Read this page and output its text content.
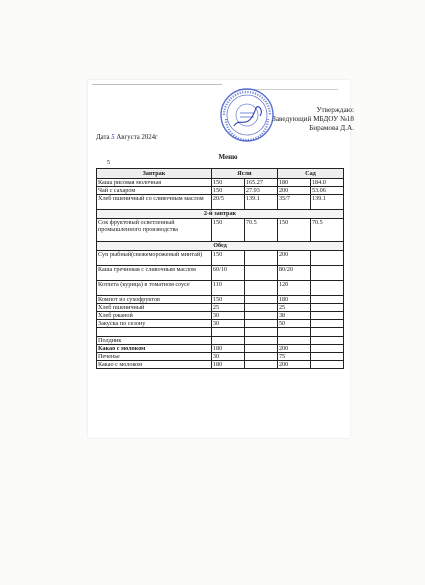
Утверждаю:
Заведующий МБДОУ №18
Бирамова Д.А.
Дата 5 Августа 2024г
Меню
5
Завтрак	Ясли		Сад	
Каша рисовая молочная	150	165.27	180	184.0
Чай с сахаром	150	27.93	200	53.06
Хлеб пшеничный со сливочным маслом	20/5	139.1	35/7	139.1
2-й завтрак				
Сок фруктовый осветленный промышленного производства	150	70.5	150	70.5
Обед				
Суп рыбный(свежемороженый минтай)	150		200	
Каша гречневая с сливочным маслом	60/10		80/20	
Котлета (курица) в томатном соусе	110		120	
Компот из сухофруктов	150		180	
Хлеб пшеничный	25		25	
Хлеб ржаной	30		38	
Закуска по сезону	30		50	

Полдник				
Какао с молоком	180		200	
Печенье	30		75	
Какао с молоком	180		200	
